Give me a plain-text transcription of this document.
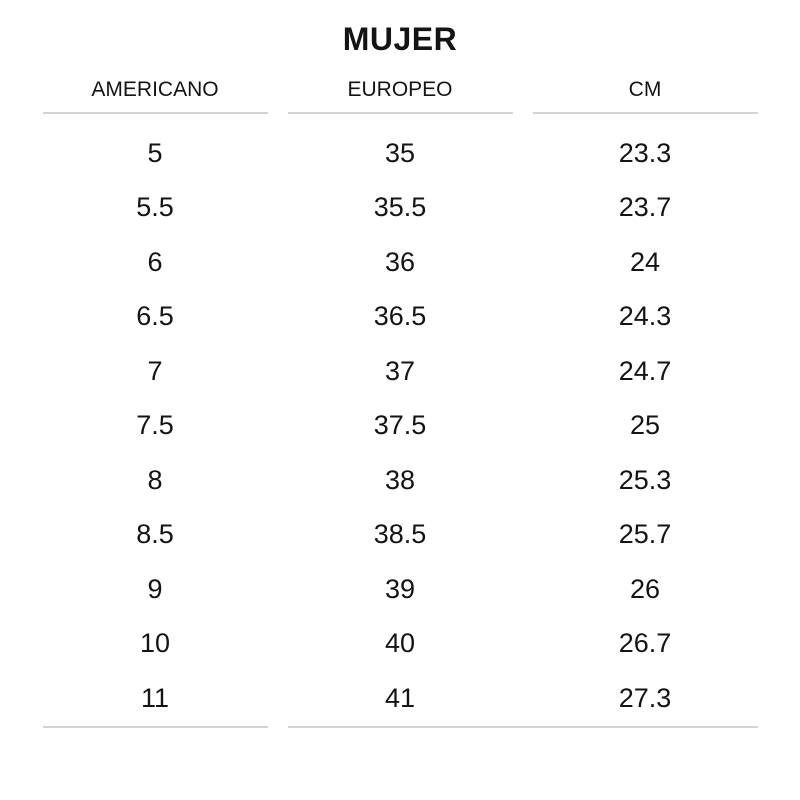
MUJER
AMERICANO	EUROPEO	CM
5	35	23.3
5.5	35.5	23.7
6	36	24
6.5	36.5	24.3
7	37	24.7
7.5	37.5	25
8	38	25.3
8.5	38.5	25.7
9	39	26
10	40	26.7
11	41	27.3
